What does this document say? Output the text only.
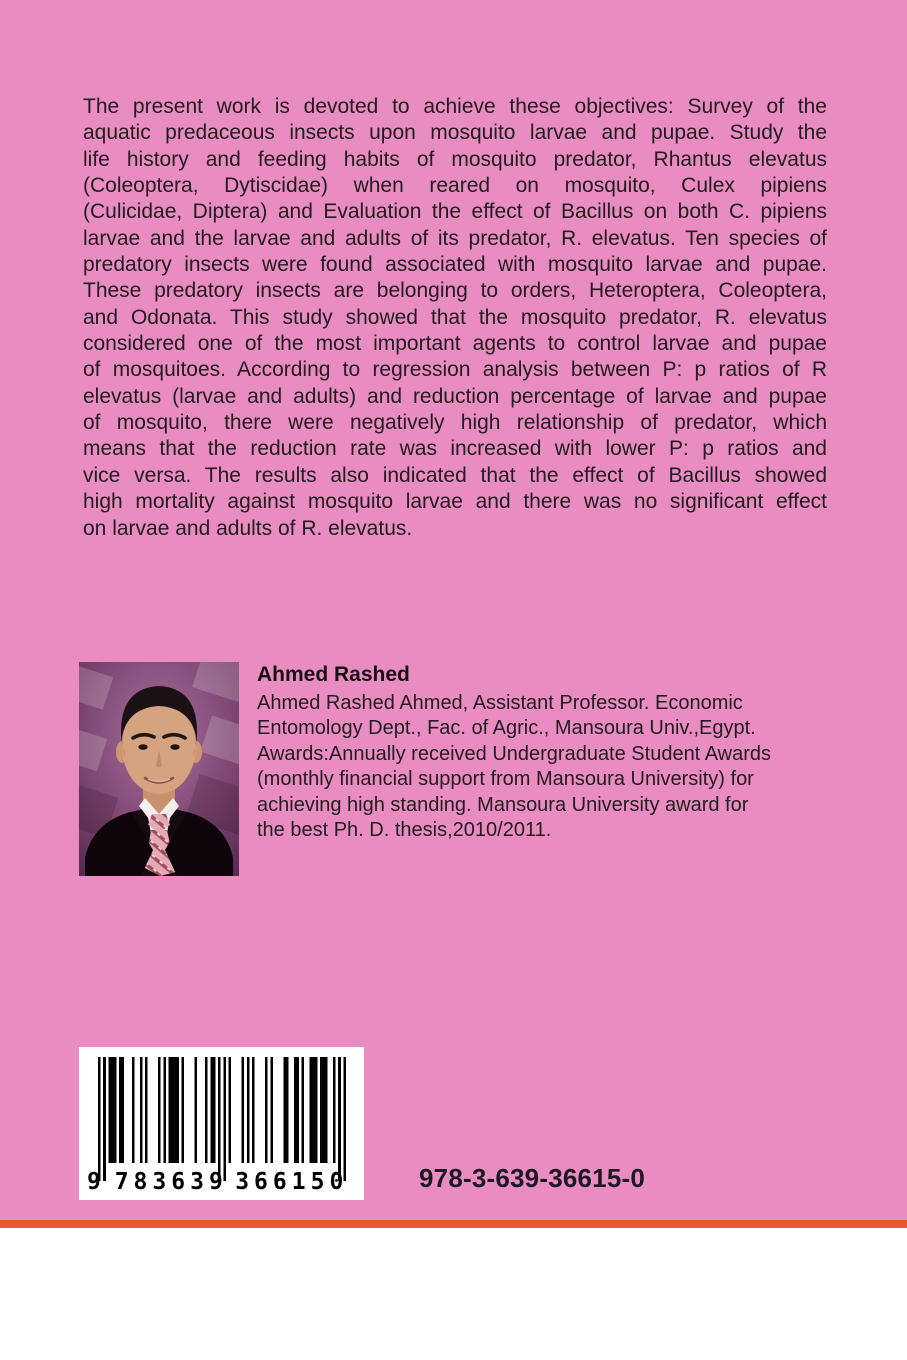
The present work is devoted to achieve these objectives: Survey of the
aquatic predaceous insects upon mosquito larvae and pupae. Study the
life history and feeding habits of mosquito predator, Rhantus elevatus
(Coleoptera, Dytiscidae) when reared on mosquito, Culex pipiens
(Culicidae, Diptera) and Evaluation the effect of Bacillus on both C. pipiens
larvae and the larvae and adults of its predator, R. elevatus. Ten species of
predatory insects were found associated with mosquito larvae and pupae.
These predatory insects are belonging to orders, Heteroptera, Coleoptera,
and Odonata. This study showed that the mosquito predator, R. elevatus
considered one of the most important agents to control larvae and pupae
of mosquitoes. According to regression analysis between P: p ratios of R
elevatus (larvae and adults) and reduction percentage of larvae and pupae
of mosquito, there were negatively high relationship of predator, which
means that the reduction rate was increased with lower P: p ratios and
vice versa. The results also indicated that the effect of Bacillus showed
high mortality against mosquito larvae and there was no significant effect
on larvae and adults of R. elevatus.
Ahmed Rashed
Ahmed Rashed Ahmed, Assistant Professor. Economic
Entomology Dept., Fac. of Agric., Mansoura Univ.,Egypt.
Awards:Annually received Undergraduate Student Awards
(monthly financial support from Mansoura University) for
achieving high standing. Mansoura University award for
the best Ph. D. thesis,2010/2011.
9 783639 366150	978-3-639-36615-0
